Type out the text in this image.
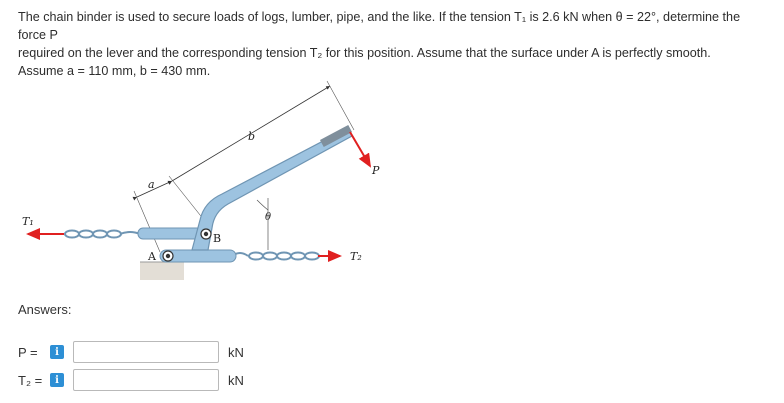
The chain binder is used to secure loads of logs, lumber, pipe, and the like. If the tension T₁ is 2.6 kN when θ = 22°, determine the force P

required on the lever and the corresponding tension T₂ for this position. Assume that the surface under A is perfectly smooth.

Assume a = 110 mm, b = 430 mm.

T₁
T₂
P
A
B
a
b
θ
Answers:
P =	i	kN
T₂ =	i	kN
